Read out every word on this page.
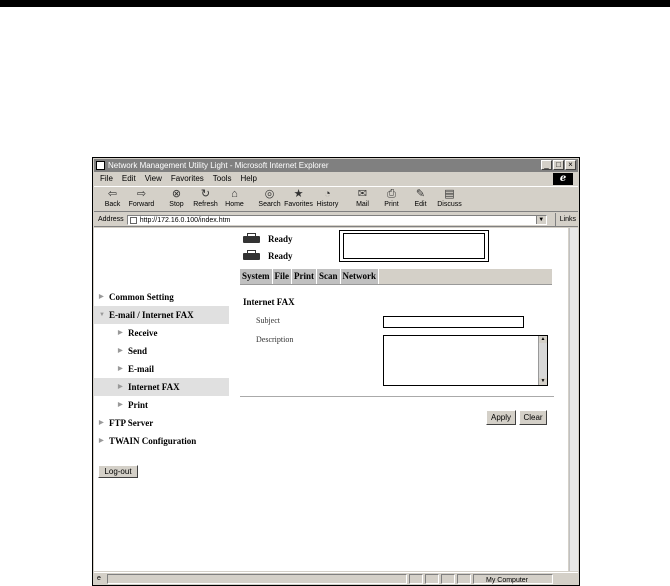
Network Management Utility Light - Microsoft Internet Explorer	_ □ ×
File Edit View Favorites Tools Help	e
⇦
Back
⇨
Forward
⊗
Stop
↻
Refresh
⌂
Home
◎
Search
★
Favorites
◔
History
✉
Mail
⎙
Print
✎
Edit
▤
Discuss
Address	http://172.16.0.100/index.htm	▼	Links
Ready
Ready
System File Print Scan Network
▶ Common Setting
▼ E-mail / Internet FAX
▶ Receive
▶ Send
▶ E-mail
▶ Internet FAX
▶ Print
▶ FTP Server
▶ TWAIN Configuration
Log-out
Internet FAX
Subject
Description	▲
▼
Apply	Clear
e	My Computer
